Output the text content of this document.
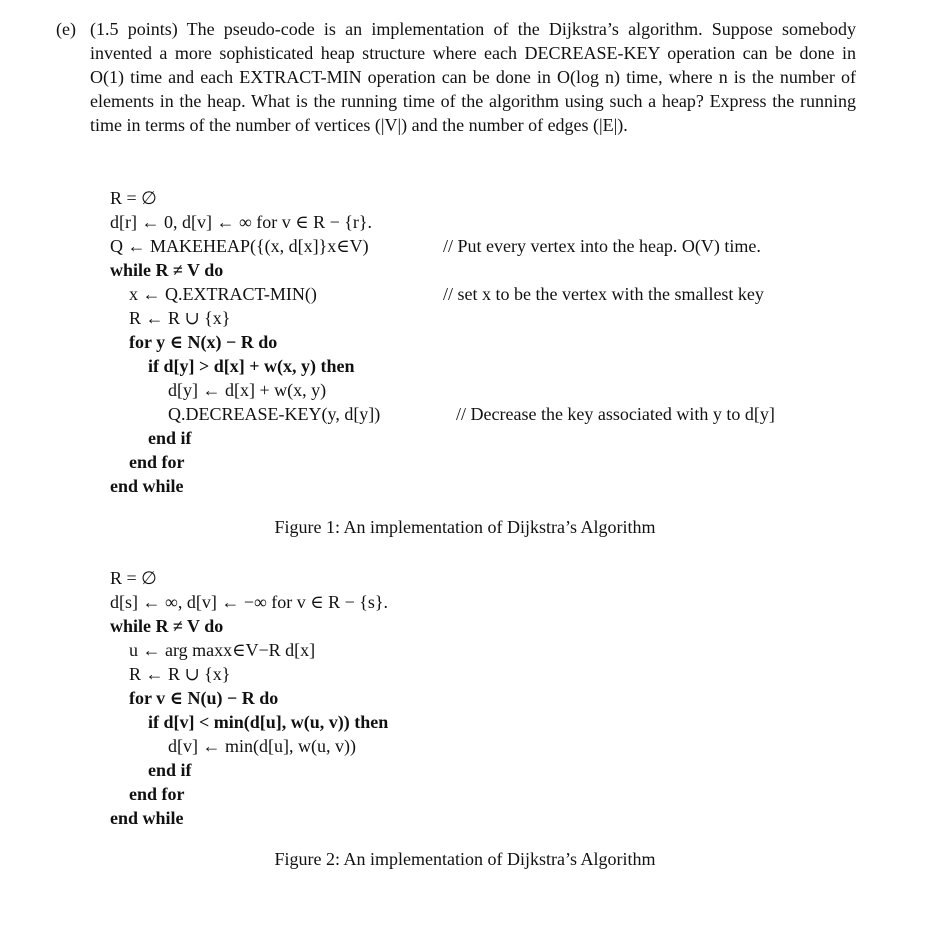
(e) (1.5 points) The pseudo-code is an implementation of the Dijkstra’s algorithm. Suppose somebody invented a more sophisticated heap structure where each DECREASE-KEY operation can be done in O(1) time and each EXTRACT-MIN operation can be done in O(log n) time, where n is the number of elements in the heap. What is the running time of the algorithm using such a heap? Express the running time in terms of the number of vertices (|V|) and the number of edges (|E|).
R = ∅
d[r] ← 0, d[v] ← ∞ for v ∈ R − {r}.
Q ← MAKEHEAP({(x, d[x]}x∈V)	// Put every vertex into the heap. O(V) time.
while R ≠ V do
x ← Q.EXTRACT-MIN()	// set x to be the vertex with the smallest key
R ← R ∪ {x}
for y ∈ N(x) − R do
if d[y] > d[x] + w(x, y) then
d[y] ← d[x] + w(x, y)
Q.DECREASE-KEY(y, d[y])	// Decrease the key associated with y to d[y]
end if
end for
end while
Figure 1: An implementation of Dijkstra’s Algorithm
R = ∅
d[s] ← ∞, d[v] ← −∞ for v ∈ R − {s}.
while R ≠ V do
u ← arg maxx∈V−R d[x]
R ← R ∪ {x}
for v ∈ N(u) − R do
if d[v] < min(d[u], w(u, v)) then
d[v] ← min(d[u], w(u, v))
end if
end for
end while
Figure 2: An implementation of Dijkstra’s Algorithm
